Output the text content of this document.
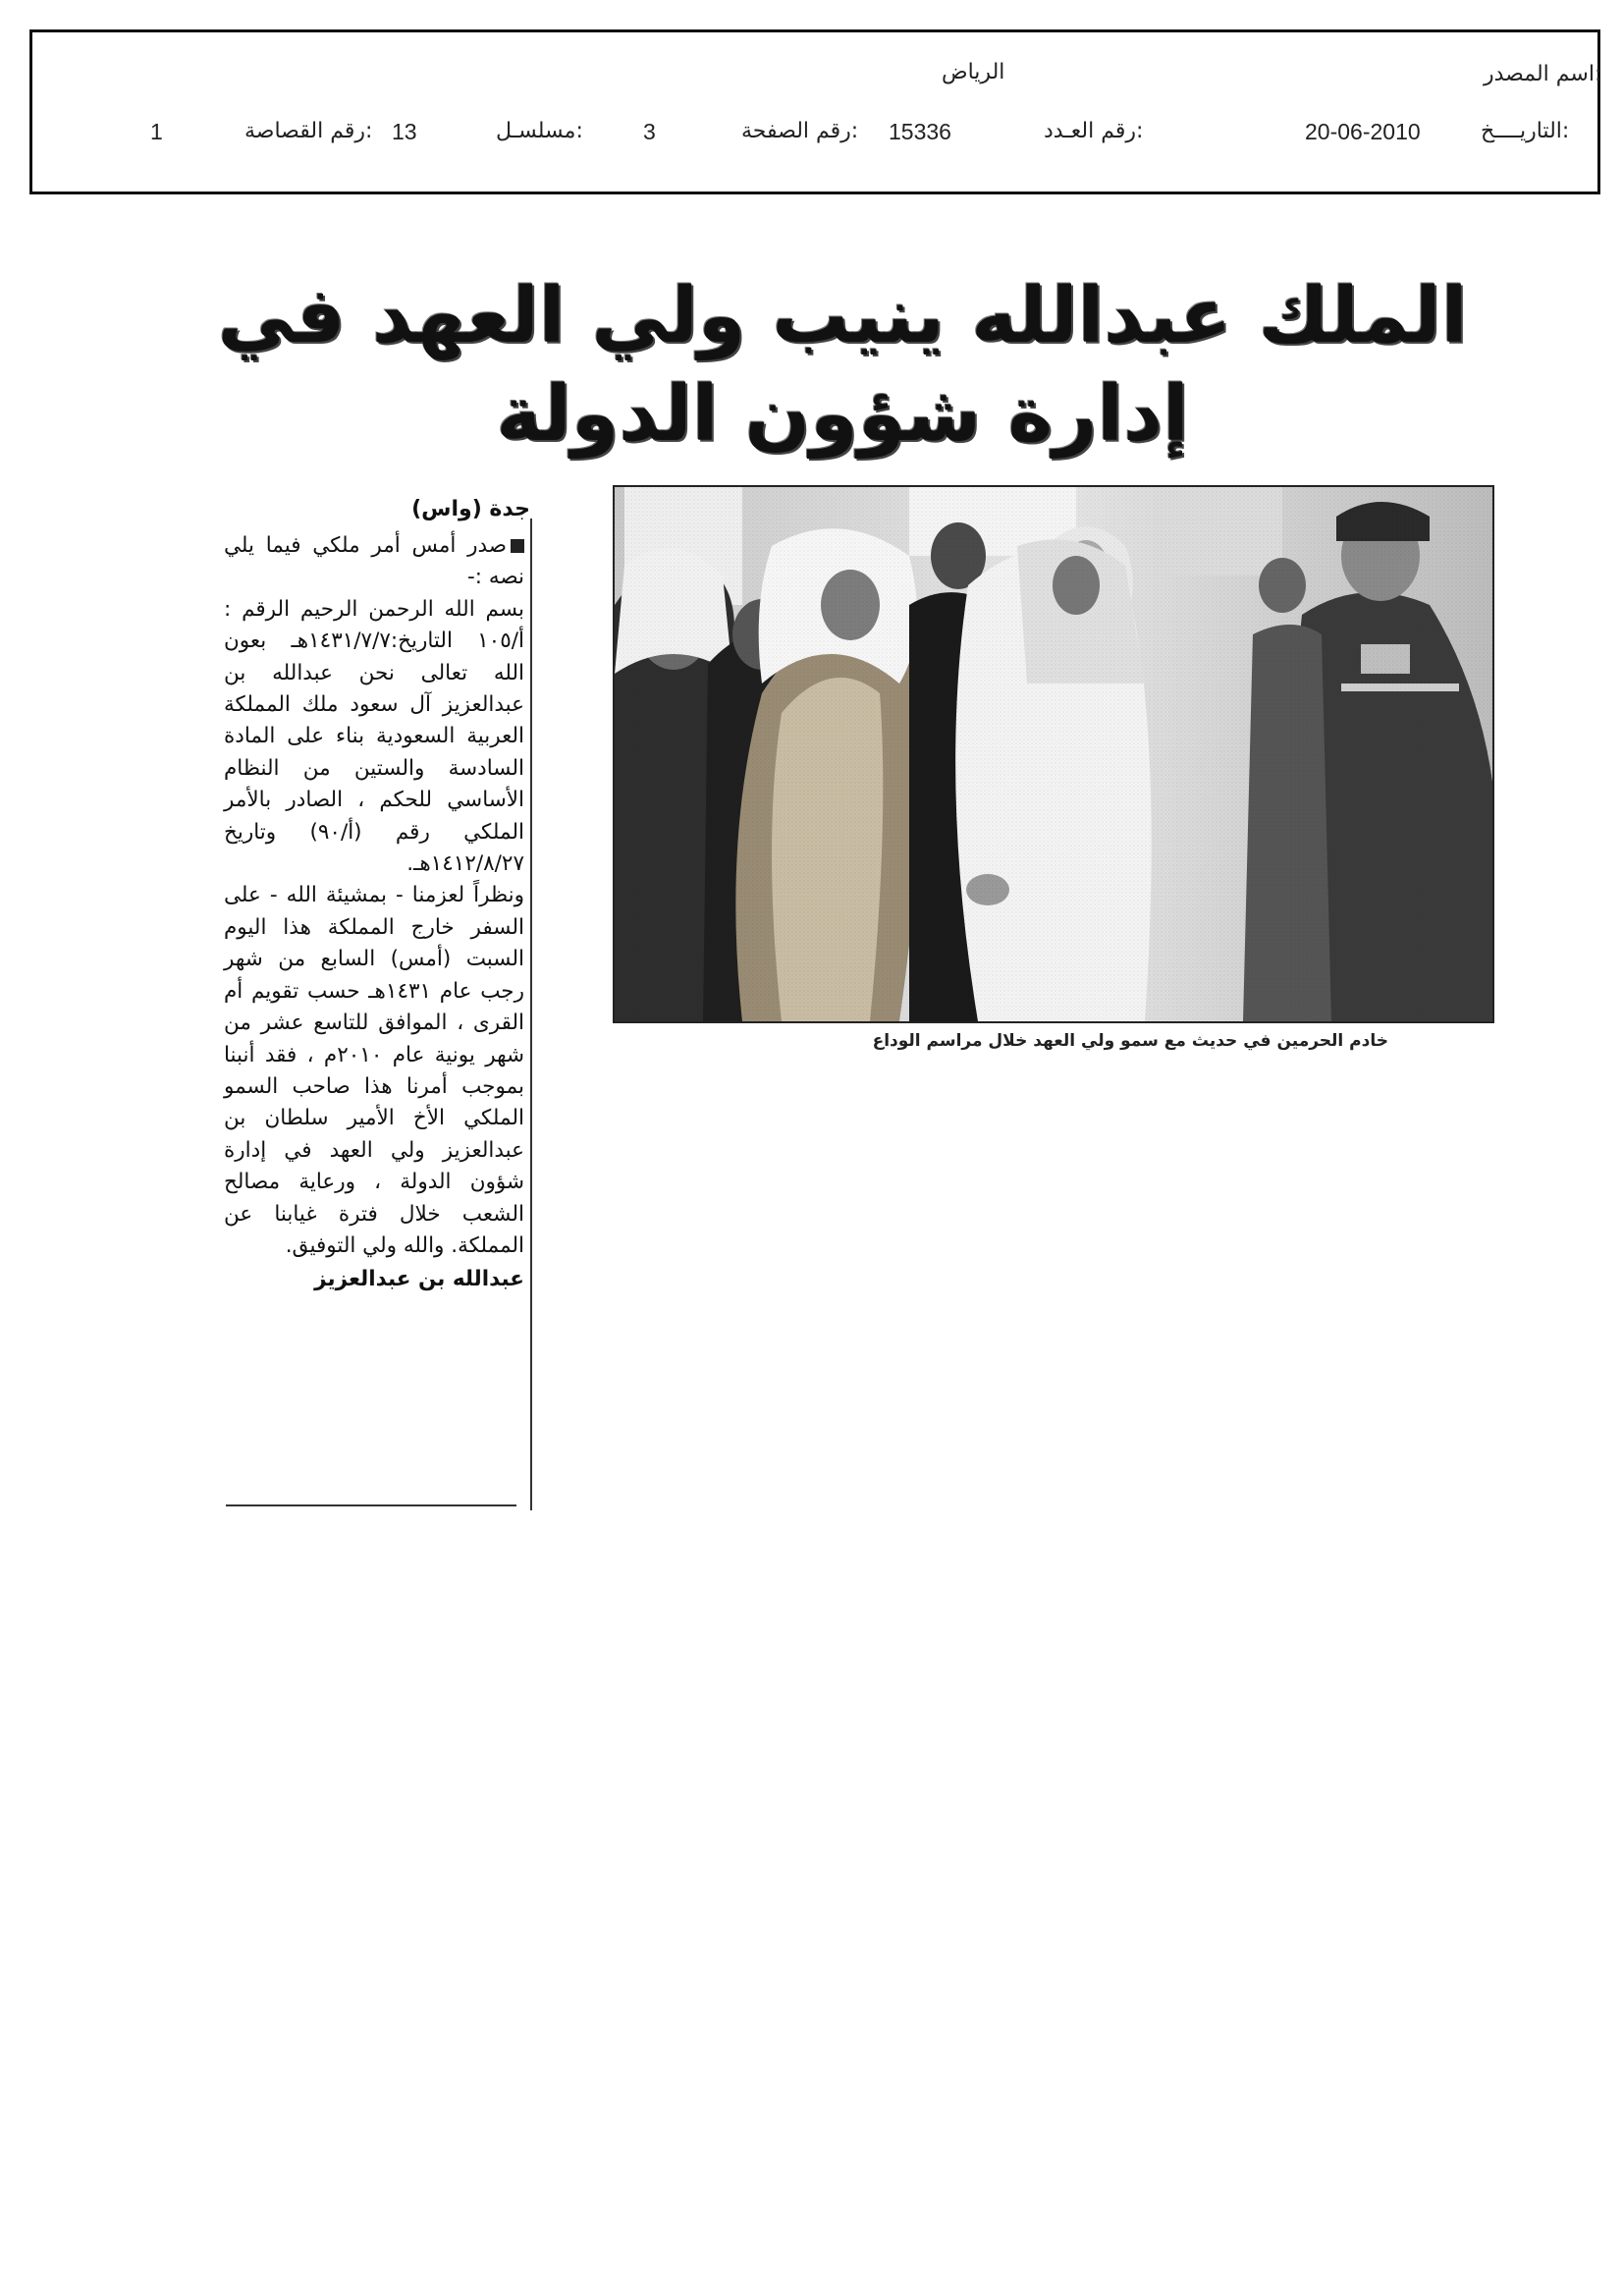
اسم المصدر:
الرياض
التاريــــخ:
20-06-2010
رقم العـدد:
15336
رقم الصفحة:
3
مسلسـل:
13
رقم القصاصة:
1
الملك عبدالله ينيب ولي العهد في إدارة شؤون الدولة
جدة (واس)

صدر أمس أمر ملكي فيما يلي نصه :-

بسم الله الرحمن الرحيم الرقم : أ/١٠٥ التاريخ:١٤٣١/٧/٧هـ بعون الله تعالى نحن عبدالله بن عبدالعزيز آل سعود ملك المملكة العربية السعودية بناء على المادة السادسة والستين من النظام الأساسي للحكم ، الصادر بالأمر الملكي رقم (أ/٩٠) وتاريخ ١٤١٢/٨/٢٧هـ.

ونظراً لعزمنا - بمشيئة الله - على السفر خارج المملكة هذا اليوم السبت (أمس) السابع من شهر رجب عام ١٤٣١هـ حسب تقويم أم القرى ، الموافق للتاسع عشر من شهر يونية عام ٢٠١٠م ، فقد أنبنا بموجب أمرنا هذا صاحب السمو الملكي الأخ الأمير سلطان بن عبدالعزيز ولي العهد في إدارة شؤون الدولة ، ورعاية مصالح الشعب خلال فترة غيابنا عن المملكة. والله ولي التوفيق.

عبدالله بن عبدالعزيز

خادم الحرمين في حديث مع سمو ولي العهد خلال مراسم الوداع
